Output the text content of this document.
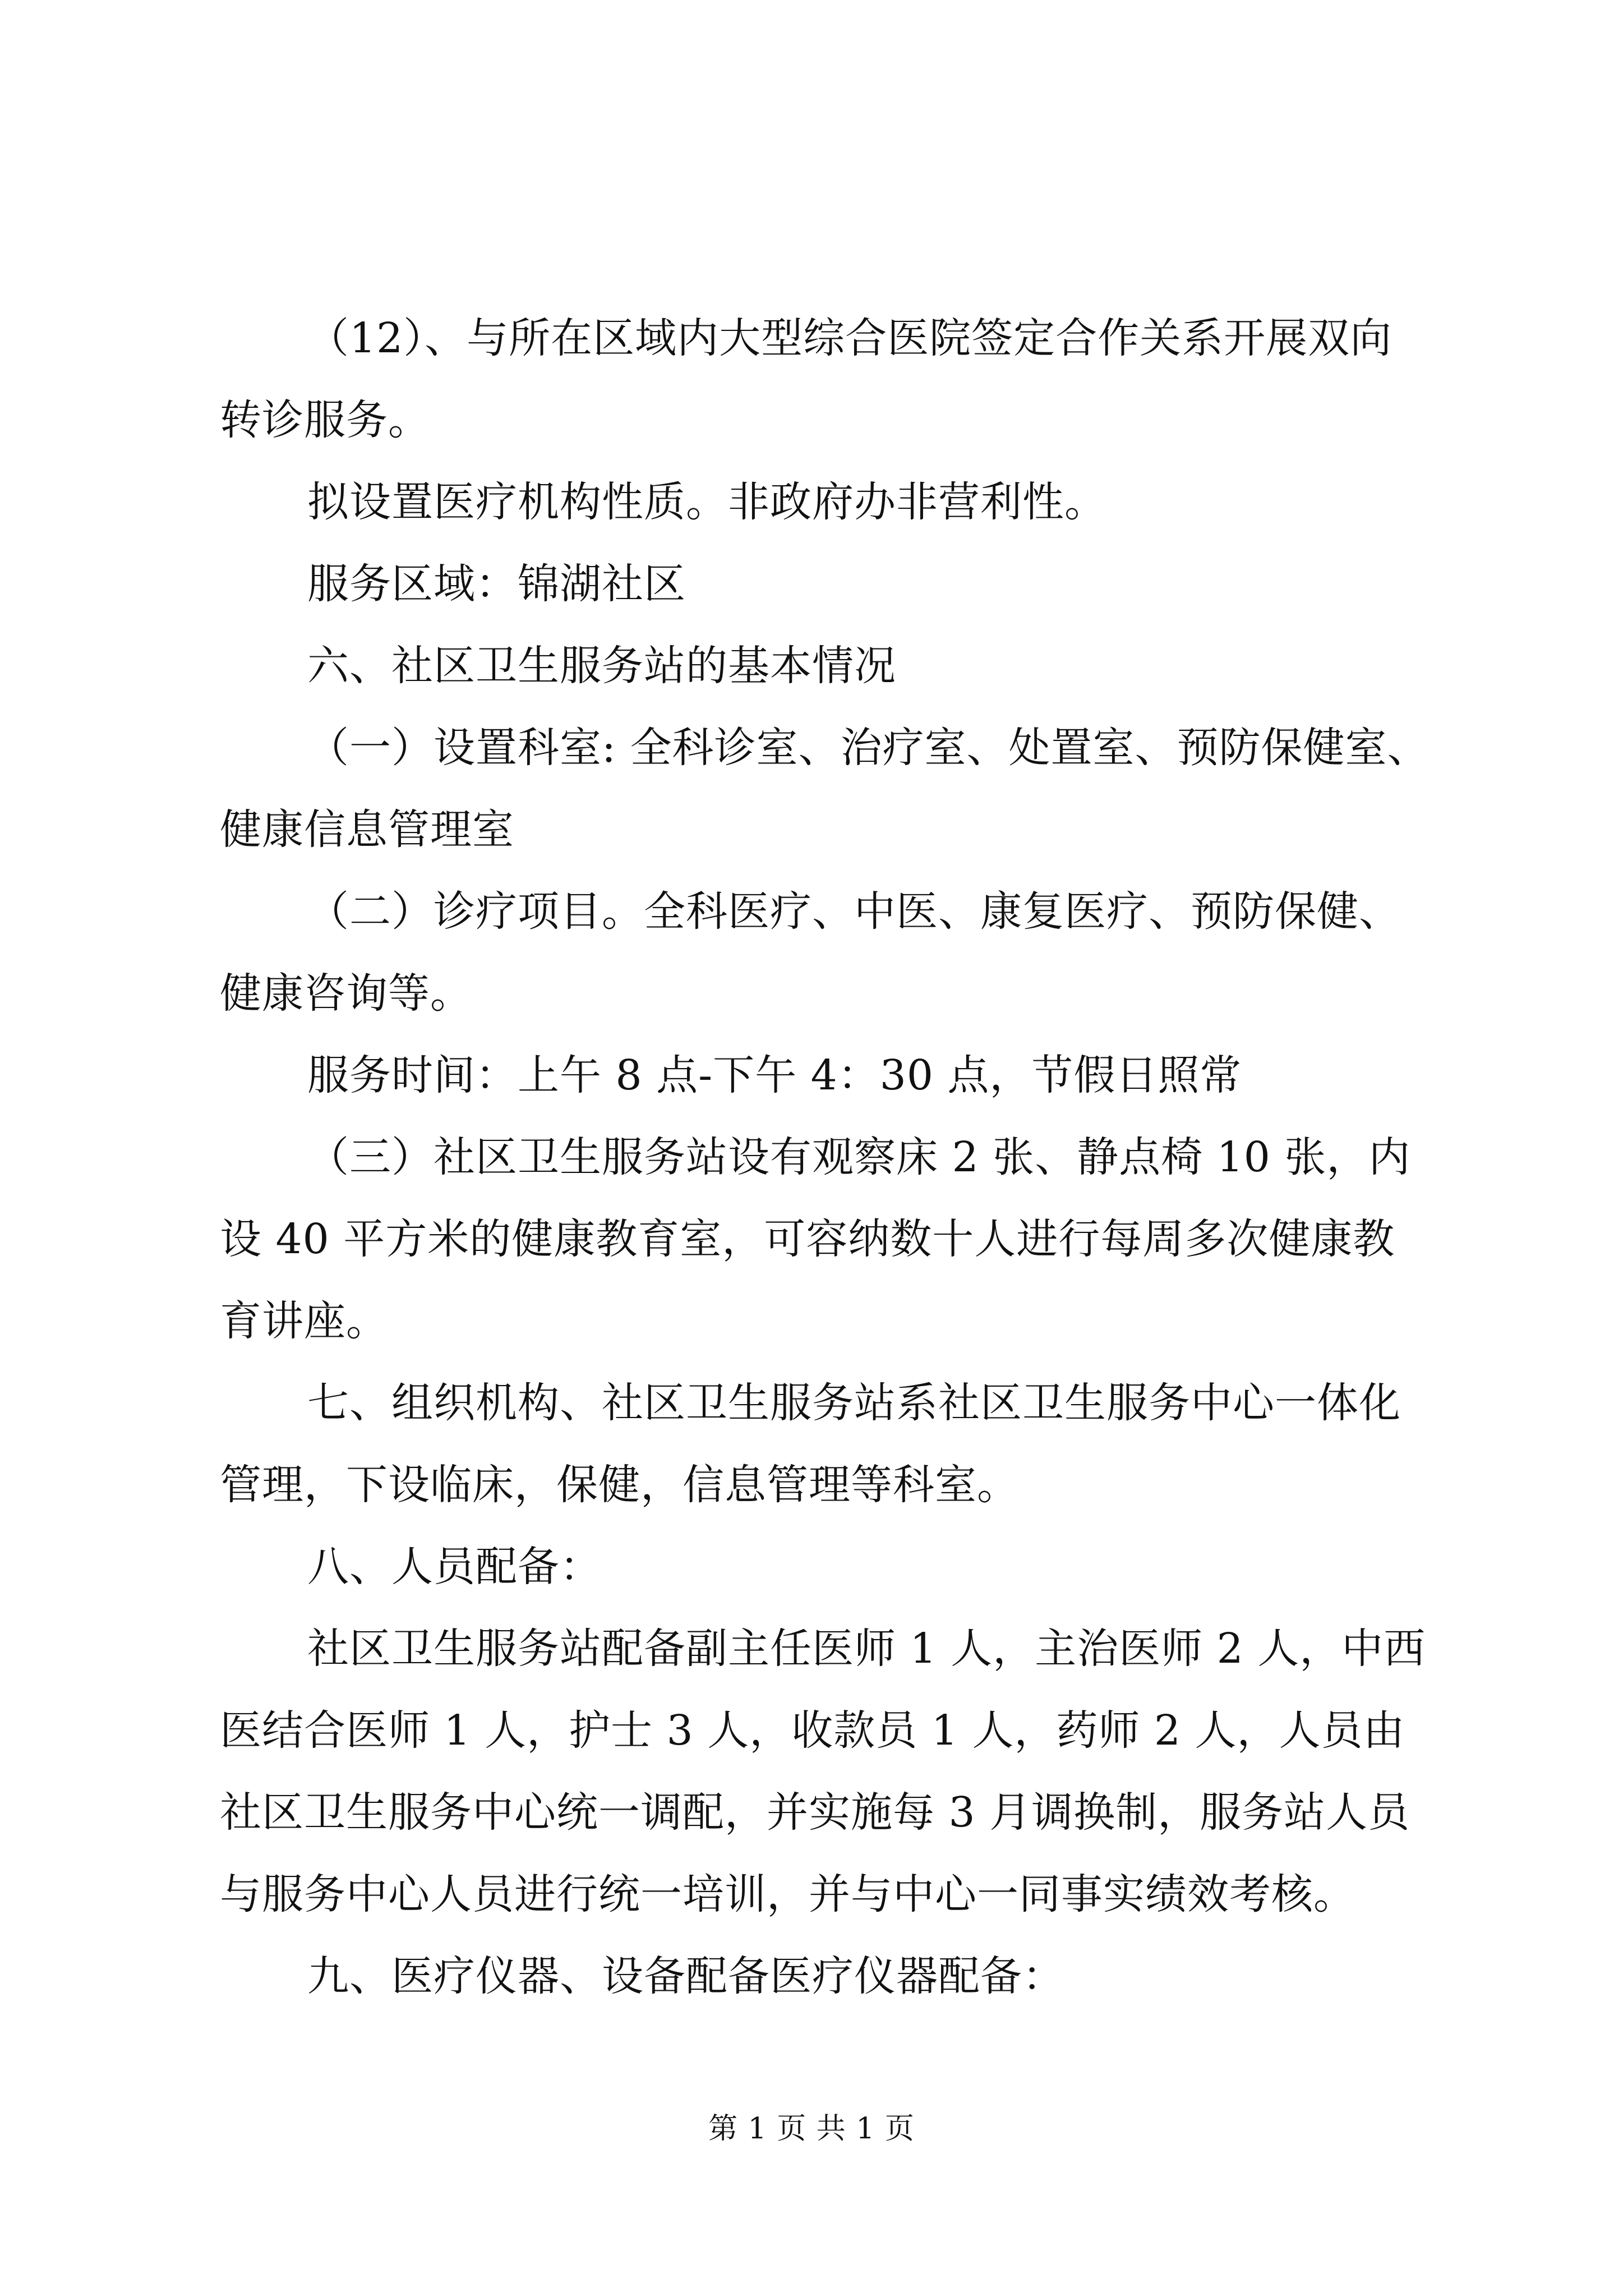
（12）、与所在区域内大型综合医院签定合作关系开展双向转诊服务。

拟设置医疗机构性质。非政府办非营利性。

服务区域：锦湖社区

六、社区卫生服务站的基本情况

（一）设置科室: 全科诊室、治疗室、处置室、预防保健室、健康信息管理室

（二）诊疗项目。全科医疗、中医、康复医疗、预防保健、健康咨询等。

服务时间：上午 8 点-下午 4：30 点，节假日照常

（三）社区卫生服务站设有观察床 2 张、静点椅 10 张，内设 40 平方米的健康教育室，可容纳数十人进行每周多次健康教育讲座。

七、组织机构、社区卫生服务站系社区卫生服务中心一体化管理，下设临床，保健，信息管理等科室。

八、人员配备：

社区卫生服务站配备副主任医师 1 人，主治医师 2 人，中西医结合医师 1 人，护士 3 人，收款员 1 人，药师 2 人，人员由社区卫生服务中心统一调配，并实施每 3 月调换制，服务站人员与服务中心人员进行统一培训，并与中心一同事实绩效考核。

九、医疗仪器、设备配备医疗仪器配备：

第 1 页 共 1 页
